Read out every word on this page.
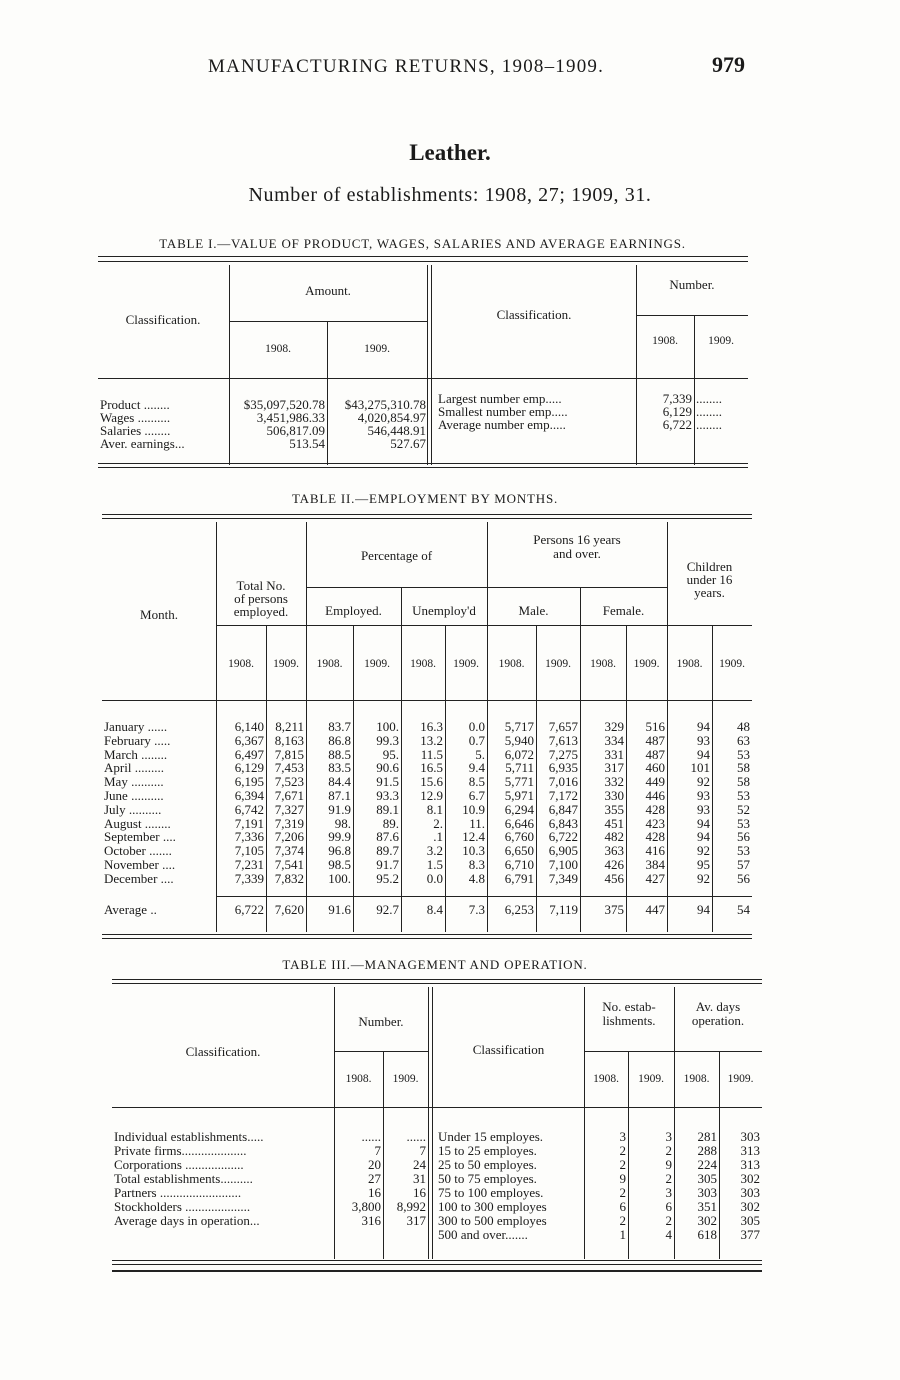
MANUFACTURING RETURNS, 1908–1909.	979
Leather.
Number of establishments: 1908, 27; 1909, 31.
TABLE I.—VALUE OF PRODUCT, WAGES, SALARIES AND AVERAGE EARNINGS.
Classification.
Amount.
1908.	1909.
Classification.
Number.
1908.	1909.
Product ........	$35,097,520.78	$43,275,310.78
Wages ..........	3,451,986.33	4,020,854.97
Salaries ........	506,817.09	546,448.91
Aver. earnings...	513.54	527.67
Largest number emp.....	7,339	........
Smallest number emp.....	6,129	........
Average number emp.....	6,722	........
TABLE II.—EMPLOYMENT BY MONTHS.
Month.
Total No.
of persons
employed.
Percentage of
Employed.	Unemploy'd
Persons 16 years
and over.
Male.	Female.
Children
under 16
years.
1908.	1909.	1908.	1909.	1908.	1909.	1908.	1909.	1908.	1909.	1908.	1909.
January ......	6,140	8,211	83.7	100.	16.3	0.0	5,717	7,657	329	516	94	48
February .....	6,367	8,163	86.8	99.3	13.2	0.7	5,940	7,613	334	487	93	63
March ........	6,497	7,815	88.5	95.	11.5	5.	6,072	7,275	331	487	94	53
April .........	6,129	7,453	83.5	90.6	16.5	9.4	5,711	6,935	317	460	101	58
May ..........	6,195	7,523	84.4	91.5	15.6	8.5	5,771	7,016	332	449	92	58
June ..........	6,394	7,671	87.1	93.3	12.9	6.7	5,971	7,172	330	446	93	53
July ..........	6,742	7,327	91.9	89.1	8.1	10.9	6,294	6,847	355	428	93	52
August ........	7,191	7,319	98.	89.	2.	11.	6,646	6,843	451	423	94	53
September ....	7,336	7,206	99.9	87.6	.1	12.4	6,760	6,722	482	428	94	56
October .......	7,105	7,374	96.8	89.7	3.2	10.3	6,650	6,905	363	416	92	53
November ....	7,231	7,541	98.5	91.7	1.5	8.3	6,710	7,100	426	384	95	57
December ....	7,339	7,832	100.	95.2	0.0	4.8	6,791	7,349	456	427	92	56
Average ..	6,722	7,620	91.6	92.7	8.4	7.3	6,253	7,119	375	447	94	54
TABLE III.—MANAGEMENT AND OPERATION.
Classification.
Number.
1908.	1909.
Classification
No. estab-
lishments.
Av. days
operation.
1908.	1909.	1908.	1909.
Individual establishments.....	......	......
Private firms....................	7	7
Corporations ..................	20	24
Total establishments..........	27	31
Partners .........................	16	16
Stockholders ....................	3,800	8,992
Average days in operation...	316	317
Under 15 employes.	3	3	281	303
15 to 25 employes.	2	2	288	313
25 to 50 employes.	2	9	224	313
50 to 75 employes.	9	2	305	302
75 to 100 employes.	2	3	303	303
100 to 300 employes	6	6	351	302
300 to 500 employes	2	2	302	305
500 and over.......	1	4	618	377
